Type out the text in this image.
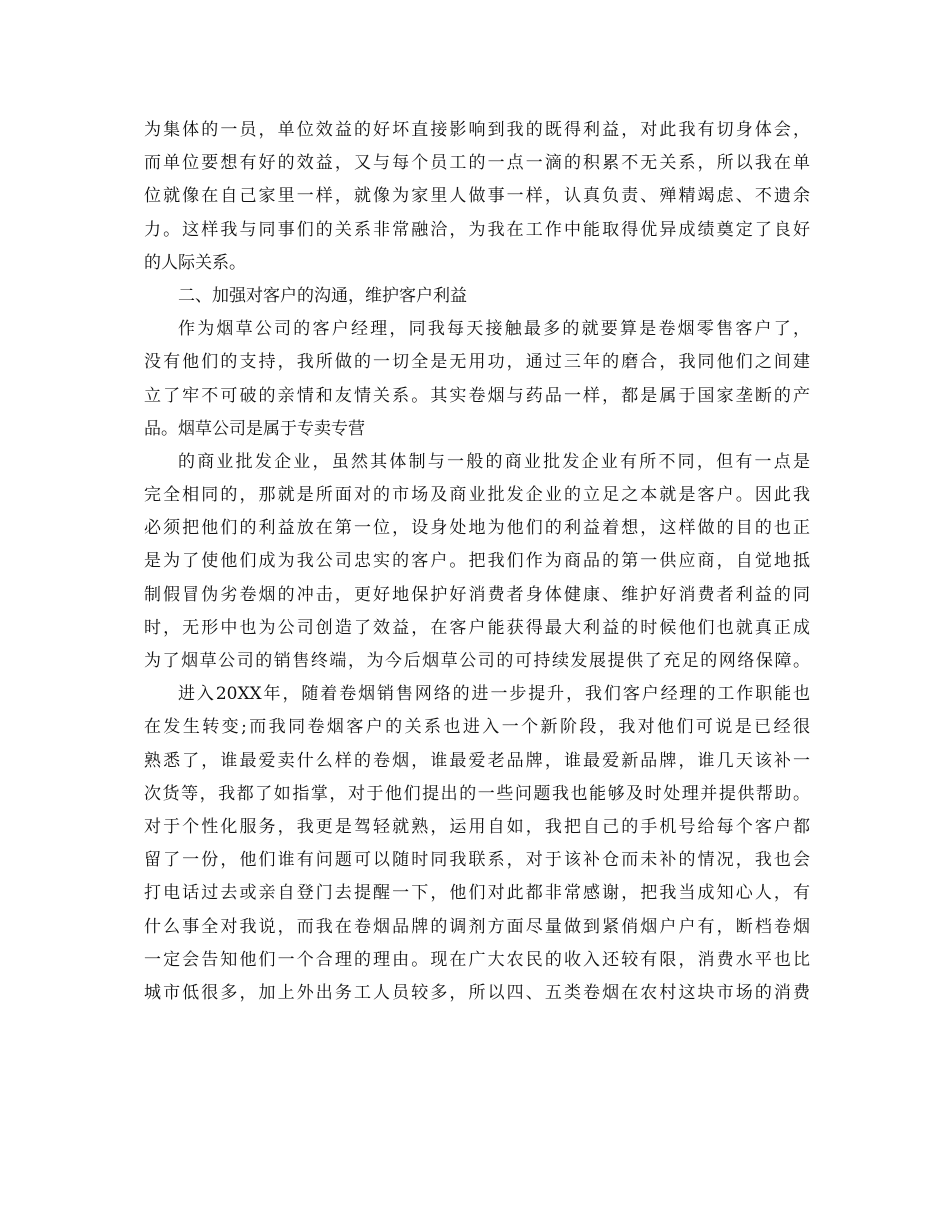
为集体的一员，单位效益的好坏直接影响到我的既得利益，对此我有切身体会，
而单位要想有好的效益，又与每个员工的一点一滴的积累不无关系，所以我在单
位就像在自己家里一样，就像为家里人做事一样，认真负责、殚精竭虑、不遗余
力。这样我与同事们的关系非常融洽，为我在工作中能取得优异成绩奠定了良好
的人际关系。
二、加强对客户的沟通，维护客户利益
作为烟草公司的客户经理，同我每天接触最多的就要算是卷烟零售客户了，
没有他们的支持，我所做的一切全是无用功，通过三年的磨合，我同他们之间建
立了牢不可破的亲情和友情关系。其实卷烟与药品一样，都是属于国家垄断的产
品。烟草公司是属于专卖专营
的商业批发企业，虽然其体制与一般的商业批发企业有所不同，但有一点是
完全相同的，那就是所面对的市场及商业批发企业的立足之本就是客户。因此我
必须把他们的利益放在第一位，设身处地为他们的利益着想，这样做的目的也正
是为了使他们成为我公司忠实的客户。把我们作为商品的第一供应商，自觉地抵
制假冒伪劣卷烟的冲击，更好地保护好消费者身体健康、维护好消费者利益的同
时，无形中也为公司创造了效益，在客户能获得最大利益的时候他们也就真正成
为了烟草公司的销售终端，为今后烟草公司的可持续发展提供了充足的网络保障。
进入20XX年，随着卷烟销售网络的进一步提升，我们客户经理的工作职能也
在发生转变;而我同卷烟客户的关系也进入一个新阶段，我对他们可说是已经很
熟悉了，谁最爱卖什么样的卷烟，谁最爱老品牌，谁最爱新品牌，谁几天该补一
次货等，我都了如指掌，对于他们提出的一些问题我也能够及时处理并提供帮助。
对于个性化服务，我更是驾轻就熟，运用自如，我把自己的手机号给每个客户都
留了一份，他们谁有问题可以随时同我联系，对于该补仓而未补的情况，我也会
打电话过去或亲自登门去提醒一下，他们对此都非常感谢，把我当成知心人，有
什么事全对我说，而我在卷烟品牌的调剂方面尽量做到紧俏烟户户有，断档卷烟
一定会告知他们一个合理的理由。现在广大农民的收入还较有限，消费水平也比
城市低很多，加上外出务工人员较多，所以四、五类卷烟在农村这块市场的消费
